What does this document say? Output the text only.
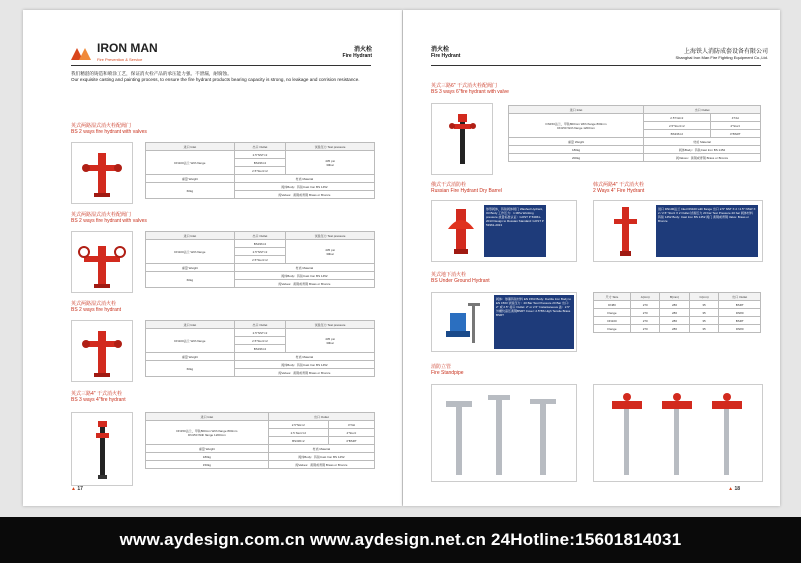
IRON MAN
Fire Prevention & Service
消火栓
Fire Hydrant
我们精湛的铸造和喷涂工艺，保证消火栓产品的承压能力强。不泄漏，耐腐蚀。
Our exquisite casting and painting process, to ensure the fire hydrant products bearing capacity is strong, no leakage and corrision resistance.
英式两路湿式消火栓配阀门
BS 2 ways fire hydrant with valves
进口 Inlet	出口 Outlet	试验压力 Test pressure
DN100法兰 With flange	2.5"NST×2	435 psi
30bar
	BS336×2	
	2.5"Storz×2	
重量 Weight	材质 Material	
60kg	阀体Body：铸铁Cast Iron BS 1452	
	阀Valves：黄铜或青铜 Brass or Bronze	
英式两路湿式消火栓配阀门
BS 2 ways fire hydrant with valves
进口 Inlet	出口 Outlet	试验压力 Test pressure
DN100法兰 With flange	BS336×2	435 psi
30bar
	2.5"NST×2	
	2.5"Storz×2	
重量 Weight	材质 Material	
60kg	阀体Body：铸铁Cast Iron BS 1452	
	阀Valves：黄铜或青铜 Brass or Bronze	
英式两路湿式消火栓
BS 2 ways fire hydrant
进口 Inlet	出口 Outlet	试验压力 Test pressure
DN100法兰 With flange	2.5"NST×2	435 psi
30bar
	2.5"Storz×2	
	BS336×2	
重量 Weight	材质 Material	
60kg	阀体Body：铸铁Cast Iron BS 1452	
	阀Valves：黄铜或青铜 Brass or Bronze	
英式三路4" 干式消火栓
BS 3 ways 4"fire hydrant
进口 Inlet	出口 Outlet	
DN150法兰，甲铁800mm With flange 800mm
DN150 With flange 1200mm	2.5"NH×2	4"NH
	2.5 Storz×2	4"Storz
	BS336×2	4"BSRT
重量 Weight	材质 Material	
180kg	阀体Body：铸铁Cast Iron BS 1452	
150kg	阀Valves：黄铜或青铜 Brass or Bronze	
▲ 17
消火栓
Fire Hydrant
上海铁人消防成套设备有限公司
Shanghai Iron Man Fire Fighting Equipment Co.,Ltd.
英式三路6" 干式消火栓配阀门
BS 3 ways 6"fire hydrant with valve
进口 Inlet	出口 Outlet	
DN150法兰，甲铁800mm With flange 800mm
DN150 With flange 1200mm	2.5"NH×2	4"NH
	2.5"Storz×2	4"Storz
	BS336×2	4"BSRT
重量 Weight	材质 Material	
180kg	阀体Body：铸铁Cast Iron BS 1452	
200kg	阀Valves：黄铜或青铜 Brass or Bronze	
俄式干式消防栓
Russian Fire Hydrant Dry Barrel
球形阀体，铸铁阀体闸门 Washed Hydrant, Oil Body 工作压力：1 MPa Working pressure 质量标准认证：GOST P 53961-2013 Design to Russian Standard: GOST P 53961-2013
韩式两路4" 干式消火栓
2 Ways 4" Fire Hydrant
进口 DN100法兰 Inlet DN100 with flange 出口 2.5" NST X 2 / 2.5" NSW X 2 / 2.5" Storz X 2 Outlet 试验压力 20 bar Test Pressure 20 bar 阀体材料 铸铁 1452 Body: Cast Iron BS 1452 阀门 黄铜或青铜 Valve: Brass or Bronze
英式地下消火栓
BS Under Ground Hydrant
阀体：球墨铸铁材料 EN 1563 Body: Ductile Iron Body to EN 1563 试验压力：20 Bar Test Pressure 20 Bar 出口：2" 或 2.5" 接口 Outlet: 2" or 2.5" Instantaneous 盖：2.5" 外螺纹高压黄铜BSRT Cover: 2.5"BS High Tensile Brass BSRT
尺寸 Size	A(mm)	B(mm)	C(mm)	出口 Outlet
DN80	270	286	35	BSRT
Flange	270	286	35	DN80
DN100	270	286	35	BSRT
Flange	270	286	35	DN80
消防立管
Fire Standpipe
▲ 18
www.aydesign.com.cn www.aydesign.net.cn 24Hotline:15601814031
